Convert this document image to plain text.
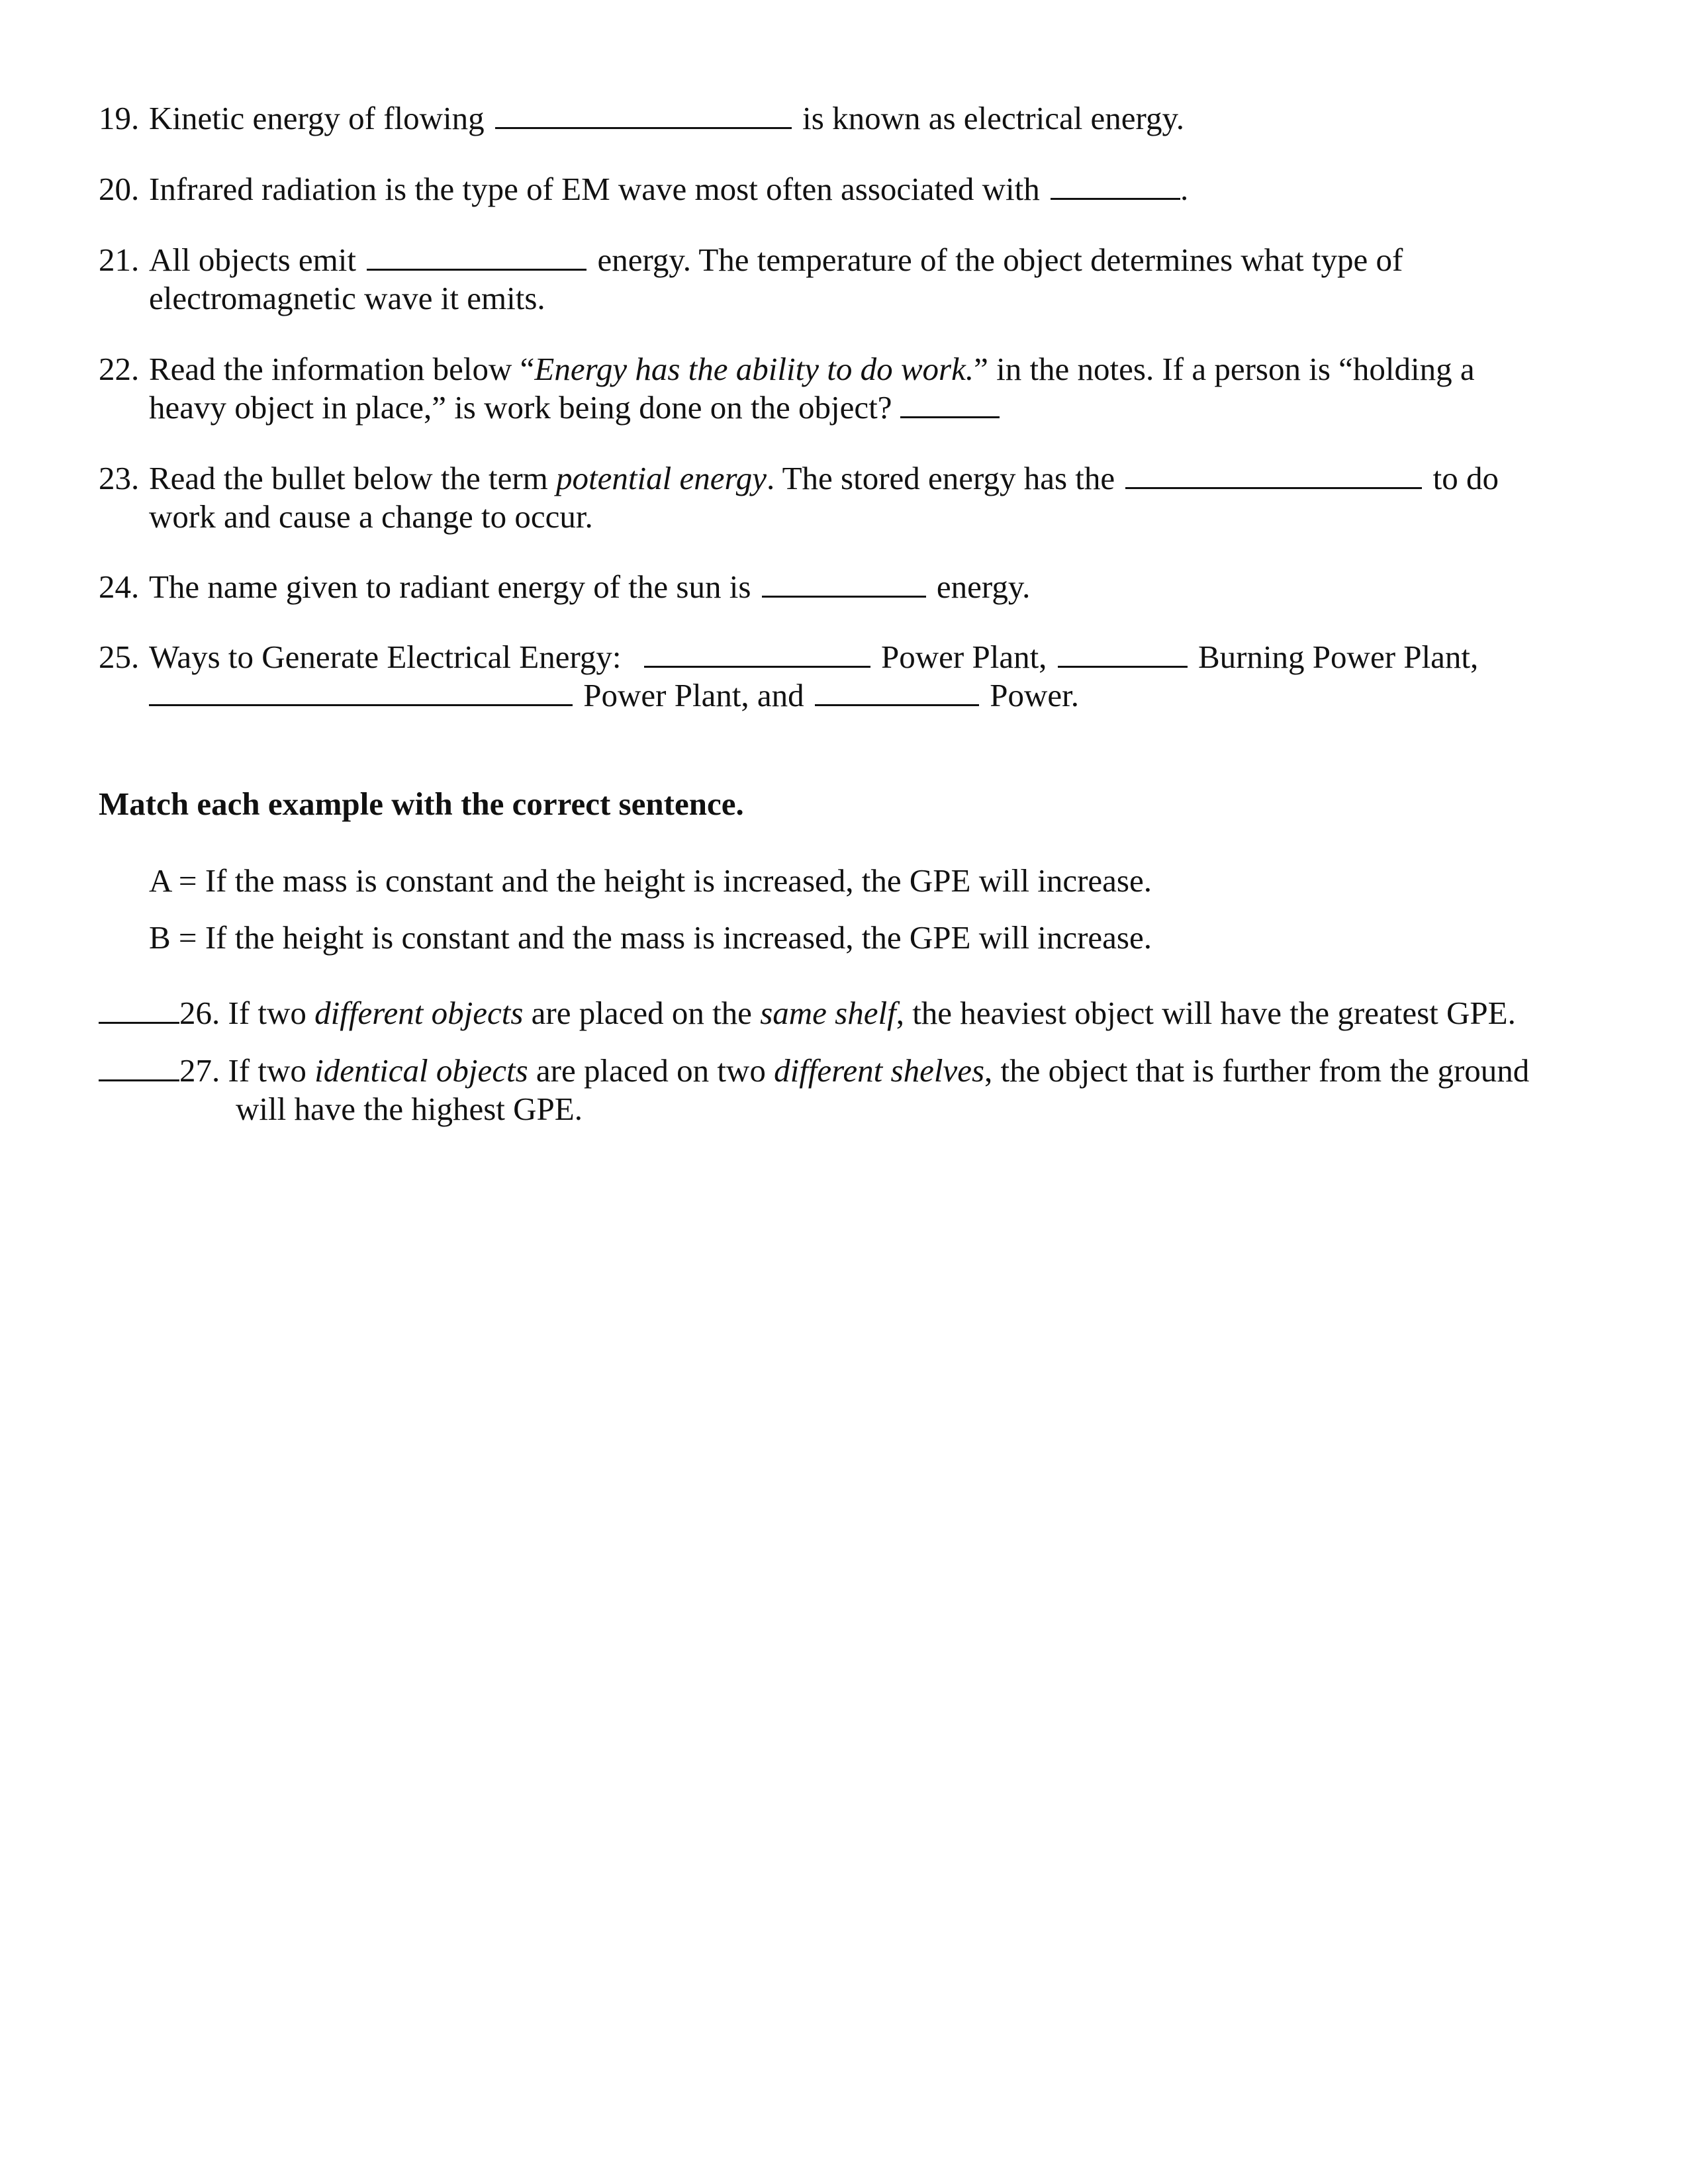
19. Kinetic energy of flowing	is known as electrical energy.
20. Infrared radiation is the type of EM wave most often associated with	.
21. All objects emit	energy. The temperature of the object determines what type of
electromagnetic wave it emits.
22. Read the information below “Energy has the ability to do work.” in the notes. If a person is “holding a
heavy object in place,” is work being done on the object?
23. Read the bullet below the term potential energy. The stored energy has the	to do
work and cause a change to occur.
24. The name given to radiant energy of the sun is	energy.
25. Ways to Generate Electrical Energy:	Power Plant,	Burning Power Plant,
Power Plant, and	Power.
Match each example with the correct sentence.
A = If the mass is constant and the height is increased, the GPE will increase.
B = If the height is constant and the mass is increased, the GPE will increase.
26. If two different objects are placed on the same shelf, the heaviest object will have the greatest GPE.
27. If two identical objects are placed on two different shelves, the object that is further from the ground
will have the highest GPE.
